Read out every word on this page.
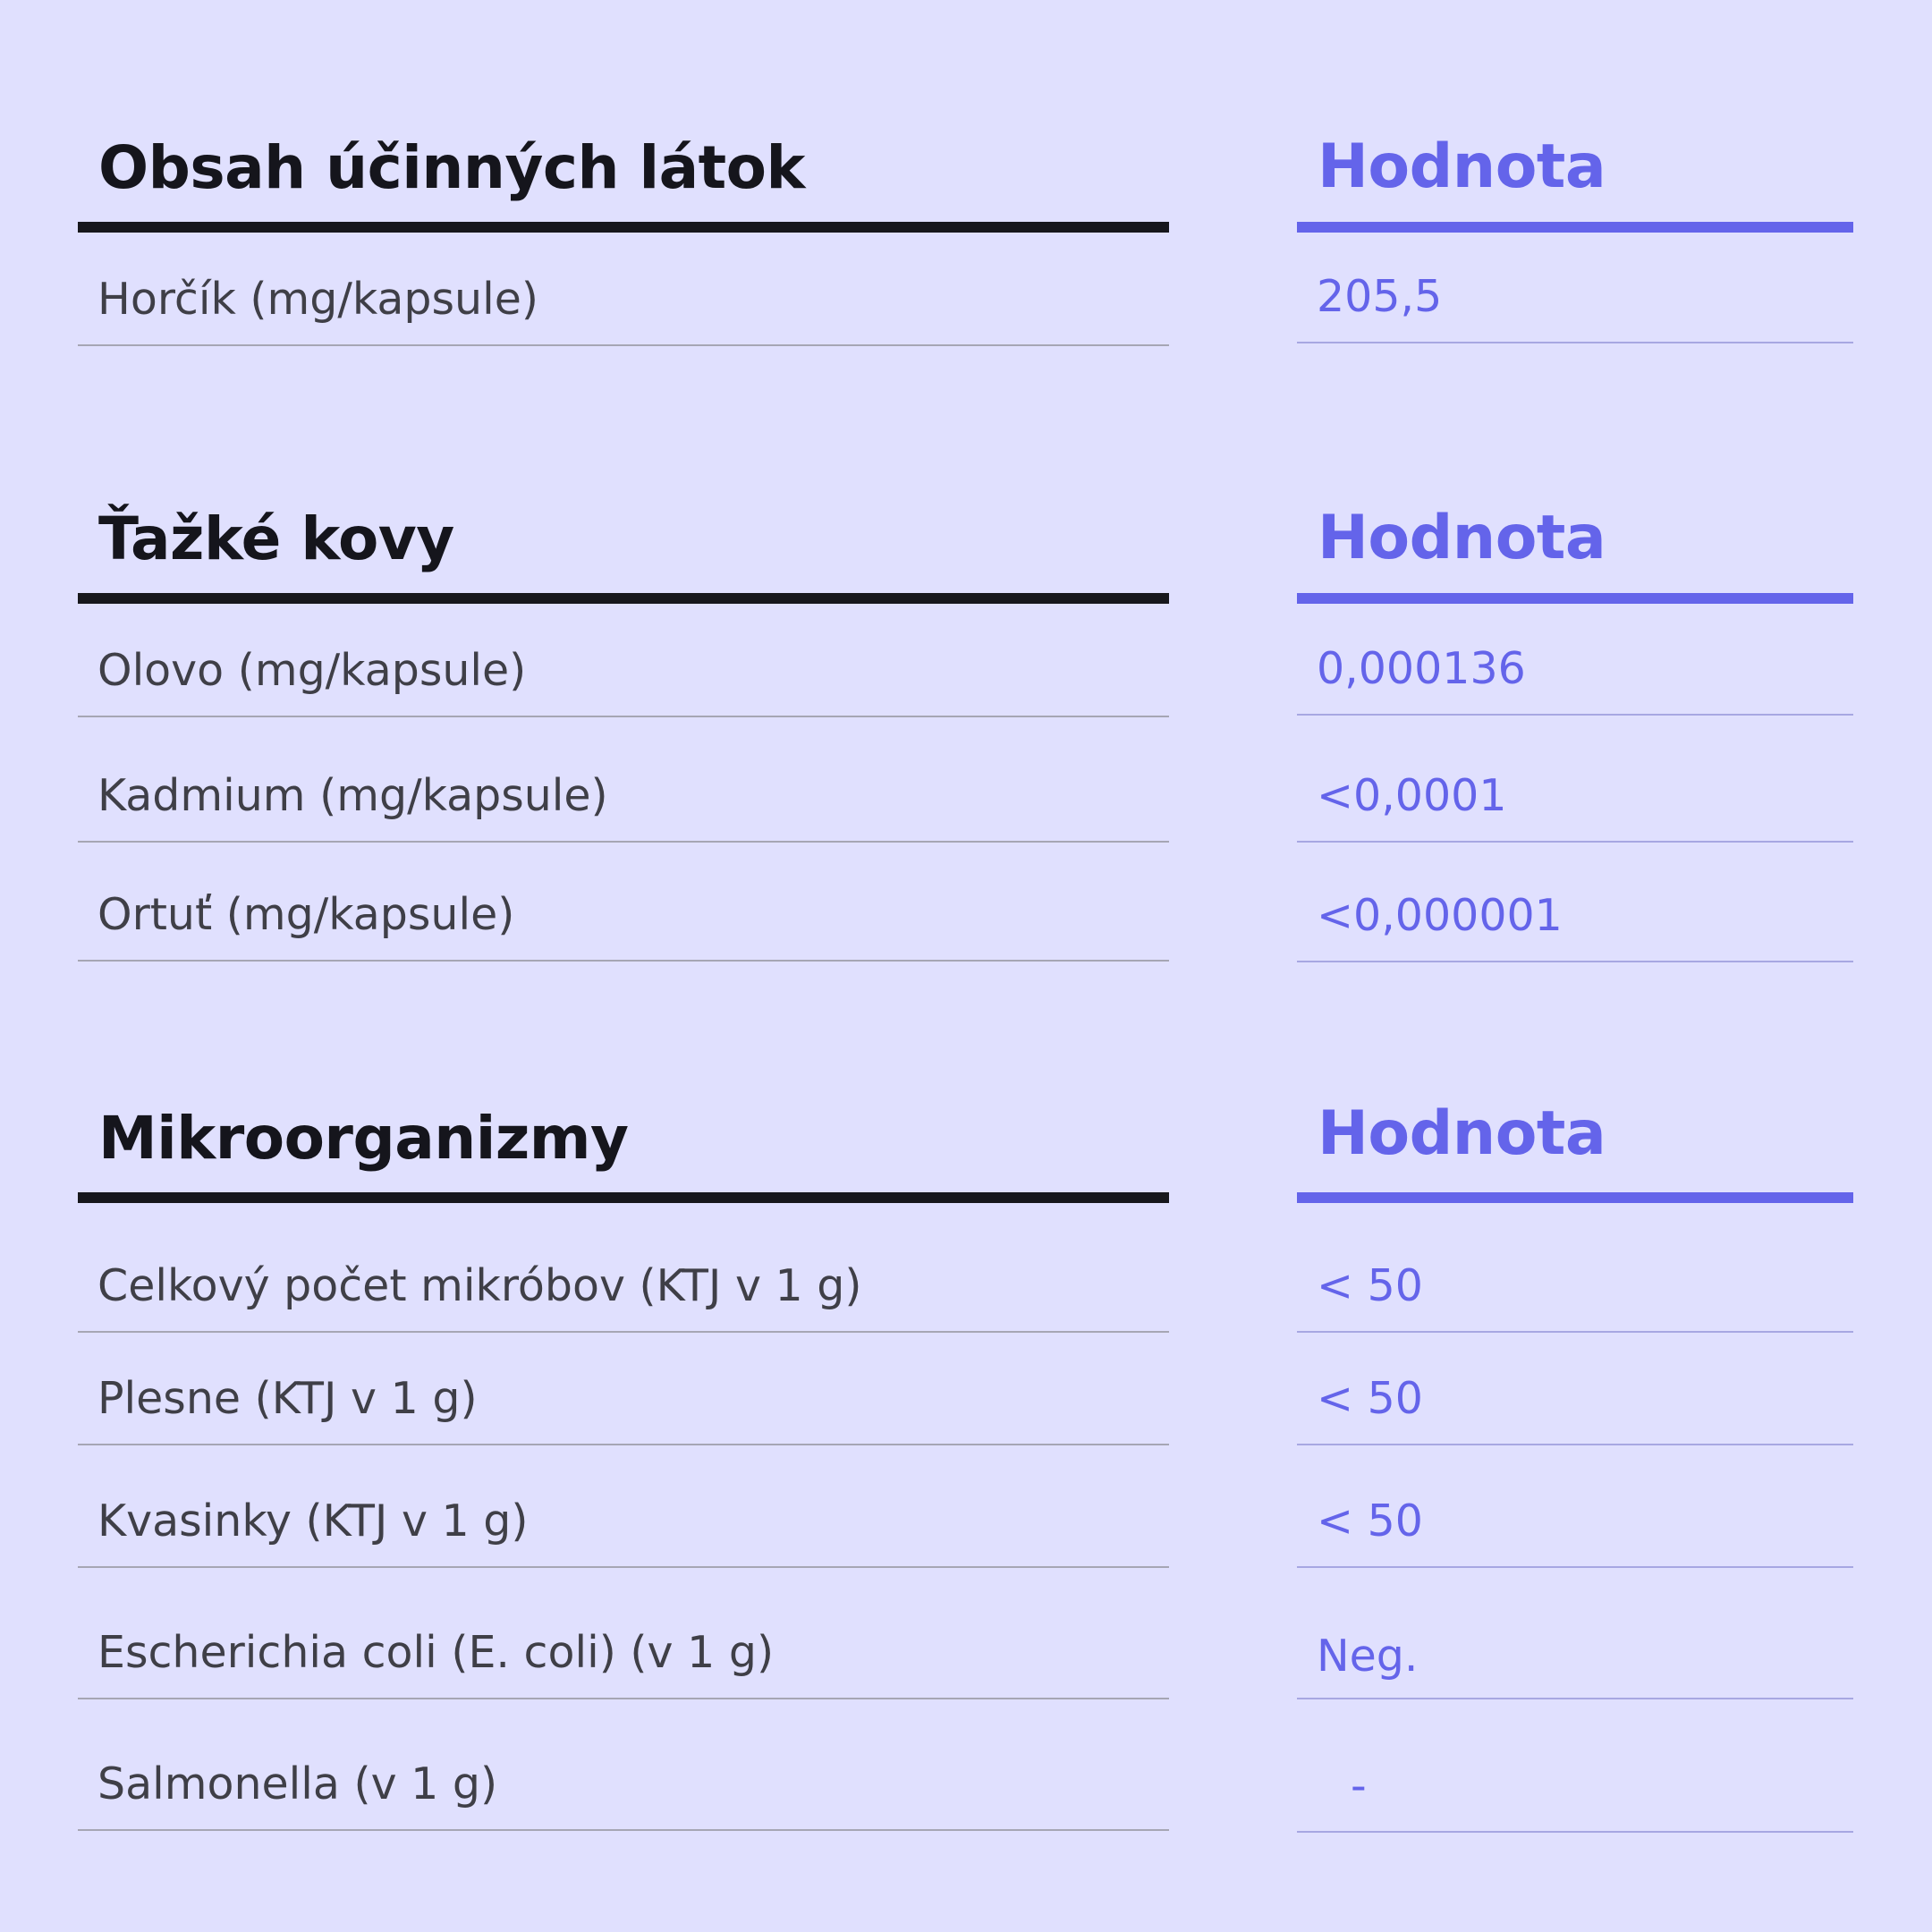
Obsah účinných látok
Horčík (mg/kapsule)
Hodnota
205,5
Ťažké kovy
Olovo (mg/kapsule)
Kadmium (mg/kapsule)
Ortuť (mg/kapsule)
Hodnota
0,000136
<0,0001
<0,000001
Mikroorganizmy
Celkový počet mikróbov (KTJ v 1 g)
Plesne (KTJ v 1 g)
Kvasinky (KTJ v 1 g)
Escherichia coli (E. coli) (v 1 g)
Salmonella (v 1 g)
Hodnota
< 50
< 50
< 50
Neg.
-
